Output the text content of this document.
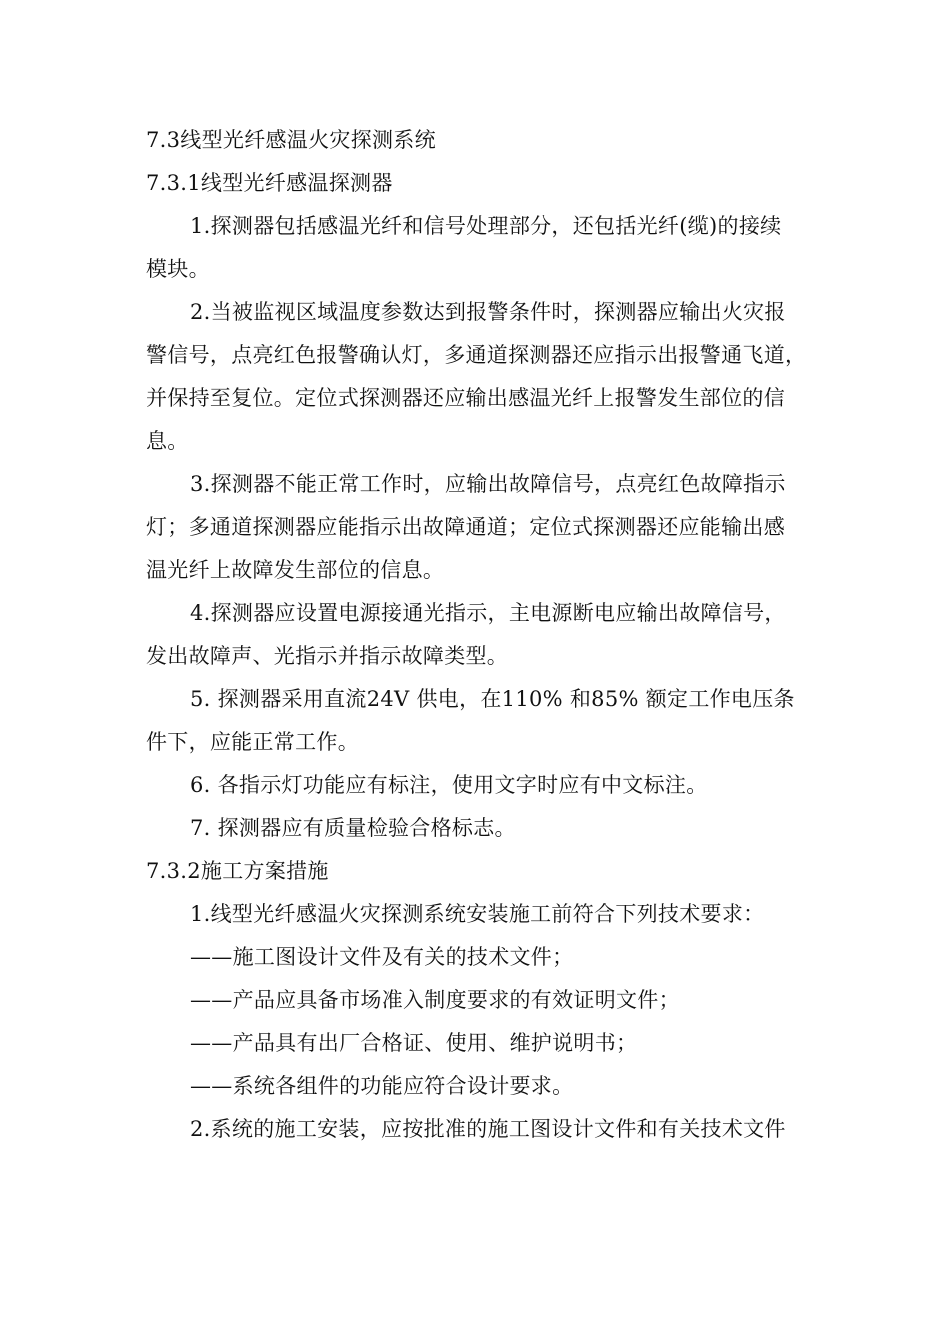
7.3线型光纤感温火灾探测系统
7.3.1线型光纤感温探测器
1.探测器包括感温光纤和信号处理部分，还包括光纤(缆)的接续
模块。
2.当被监视区域温度参数达到报警条件时，探测器应输出火灾报
警信号，点亮红色报警确认灯，多通道探测器还应指示出报警通飞道，
并保持至复位。定位式探测器还应输出感温光纤上报警发生部位的信
息。
3.探测器不能正常工作时，应输出故障信号，点亮红色故障指示
灯；多通道探测器应能指示出故障通道；定位式探测器还应能输出感
温光纤上故障发生部位的信息。
4.探测器应设置电源接通光指示，主电源断电应输出故障信号，
发出故障声、光指示并指示故障类型。
5. 探测器采用直流24V 供电，在110% 和85% 额定工作电压条
件下，应能正常工作。
6. 各指示灯功能应有标注，使用文字时应有中文标注。
7. 探测器应有质量检验合格标志。
7.3.2施工方案措施
1.线型光纤感温火灾探测系统安装施工前符合下列技术要求：
——施工图设计文件及有关的技术文件；
——产品应具备市场准入制度要求的有效证明文件；
——产品具有出厂合格证、使用、维护说明书；
——系统各组件的功能应符合设计要求。
2.系统的施工安装，应按批准的施工图设计文件和有关技术文件
